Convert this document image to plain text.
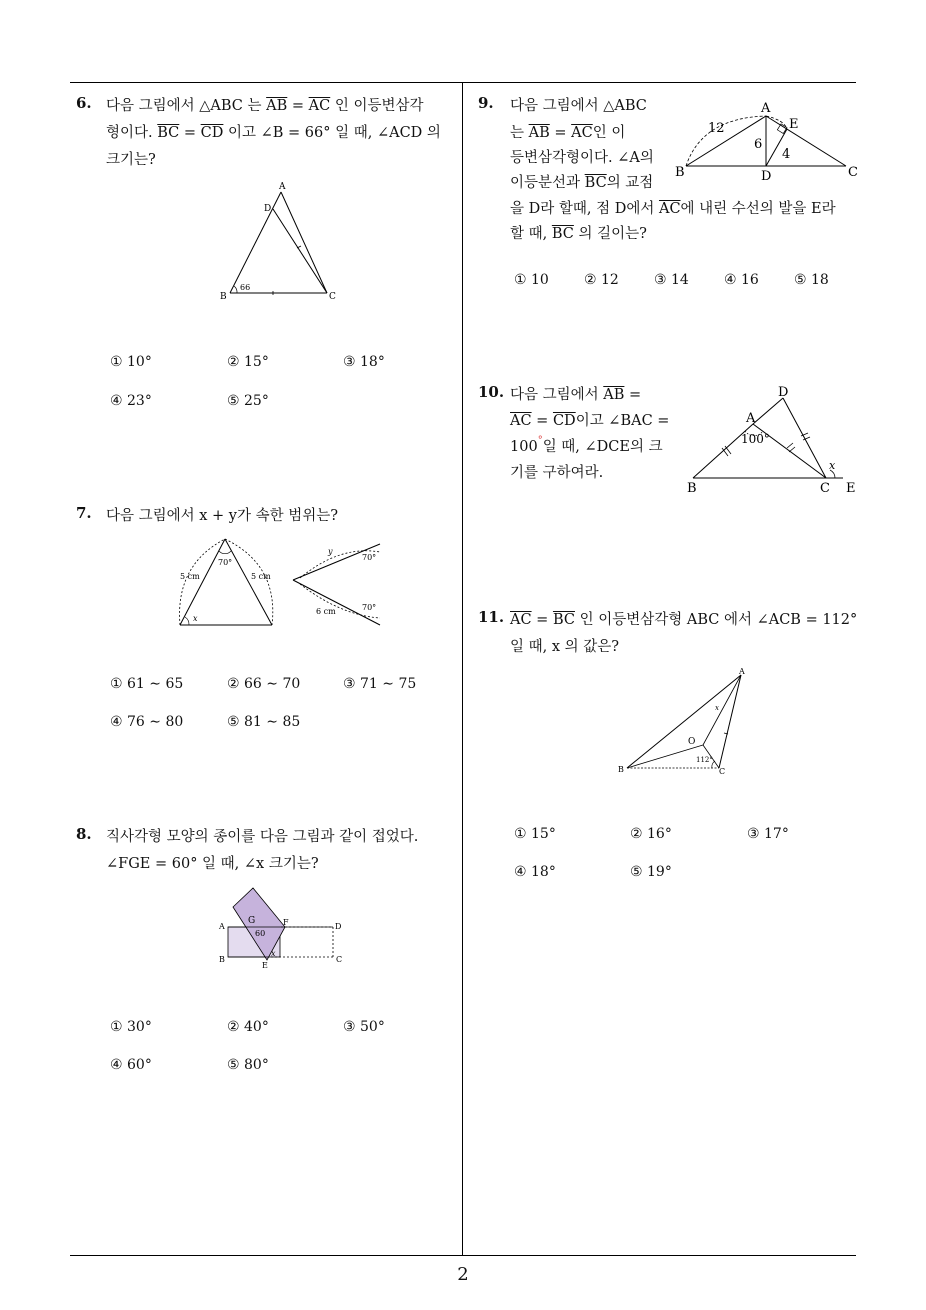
2
6. 다음 그림에서 △ABC 는 $\overline{AB} = \overline{AC}$ 인 이등변삼각
형이다. $\overline{BC} = \overline{CD}$ 이고 ∠B = 66° 일 때, ∠ACD 의
크기는?
A
D
B	C
66
① 10°	② 15°	③ 18°
④ 23°	⑤ 25°
7. 다음 그림에서 x + y가 속한 범위는?
5 cm	5 cm
70°
x
y
70°
6 cm	70°
① 61 ∼ 65	② 66 ∼ 70	③ 71 ∼ 75
④ 76 ∼ 80	⑤ 81 ∼ 85
8. 직사각형 모양의 종이를 다음 그림과 같이 접었다.
∠FGE = 60° 일 때, ∠x 크기는?
A
B	C
D
E
F
G
60
x
① 30°	② 40°	③ 50°
④ 60°	⑤ 80°
9. 다음 그림에서 △ABC
는 $\overline{AB} = \overline{AC}$인 이
등변삼각형이다. ∠A의
이등분선과 $\overline{BC}$의 교점
을 D라 할때, 점 D에서 $\overline{AC}$에 내린 수선의 발을 E라
할 때, $\overline{BC}$ 의 길이는?
A
B	C
D
E
12
6
4
① 10	② 12	③ 14	④ 16	⑤ 18
10. 다음 그림에서 $\overline{AB}$ =
$\overline{AC} = \overline{CD}$이고 ∠BAC =
100°일 때, ∠DCE의 크
기를 구하여라.
D
A
B	C E
100°
x
11. $\overline{AC} = \overline{BC}$ 인 이등변삼각형 ABC 에서 ∠ACB = 112°
일 때, x 의 값은?
A
B	C
O
112°
x
① 15°	② 16°	③ 17°
④ 18°	⑤ 19°
